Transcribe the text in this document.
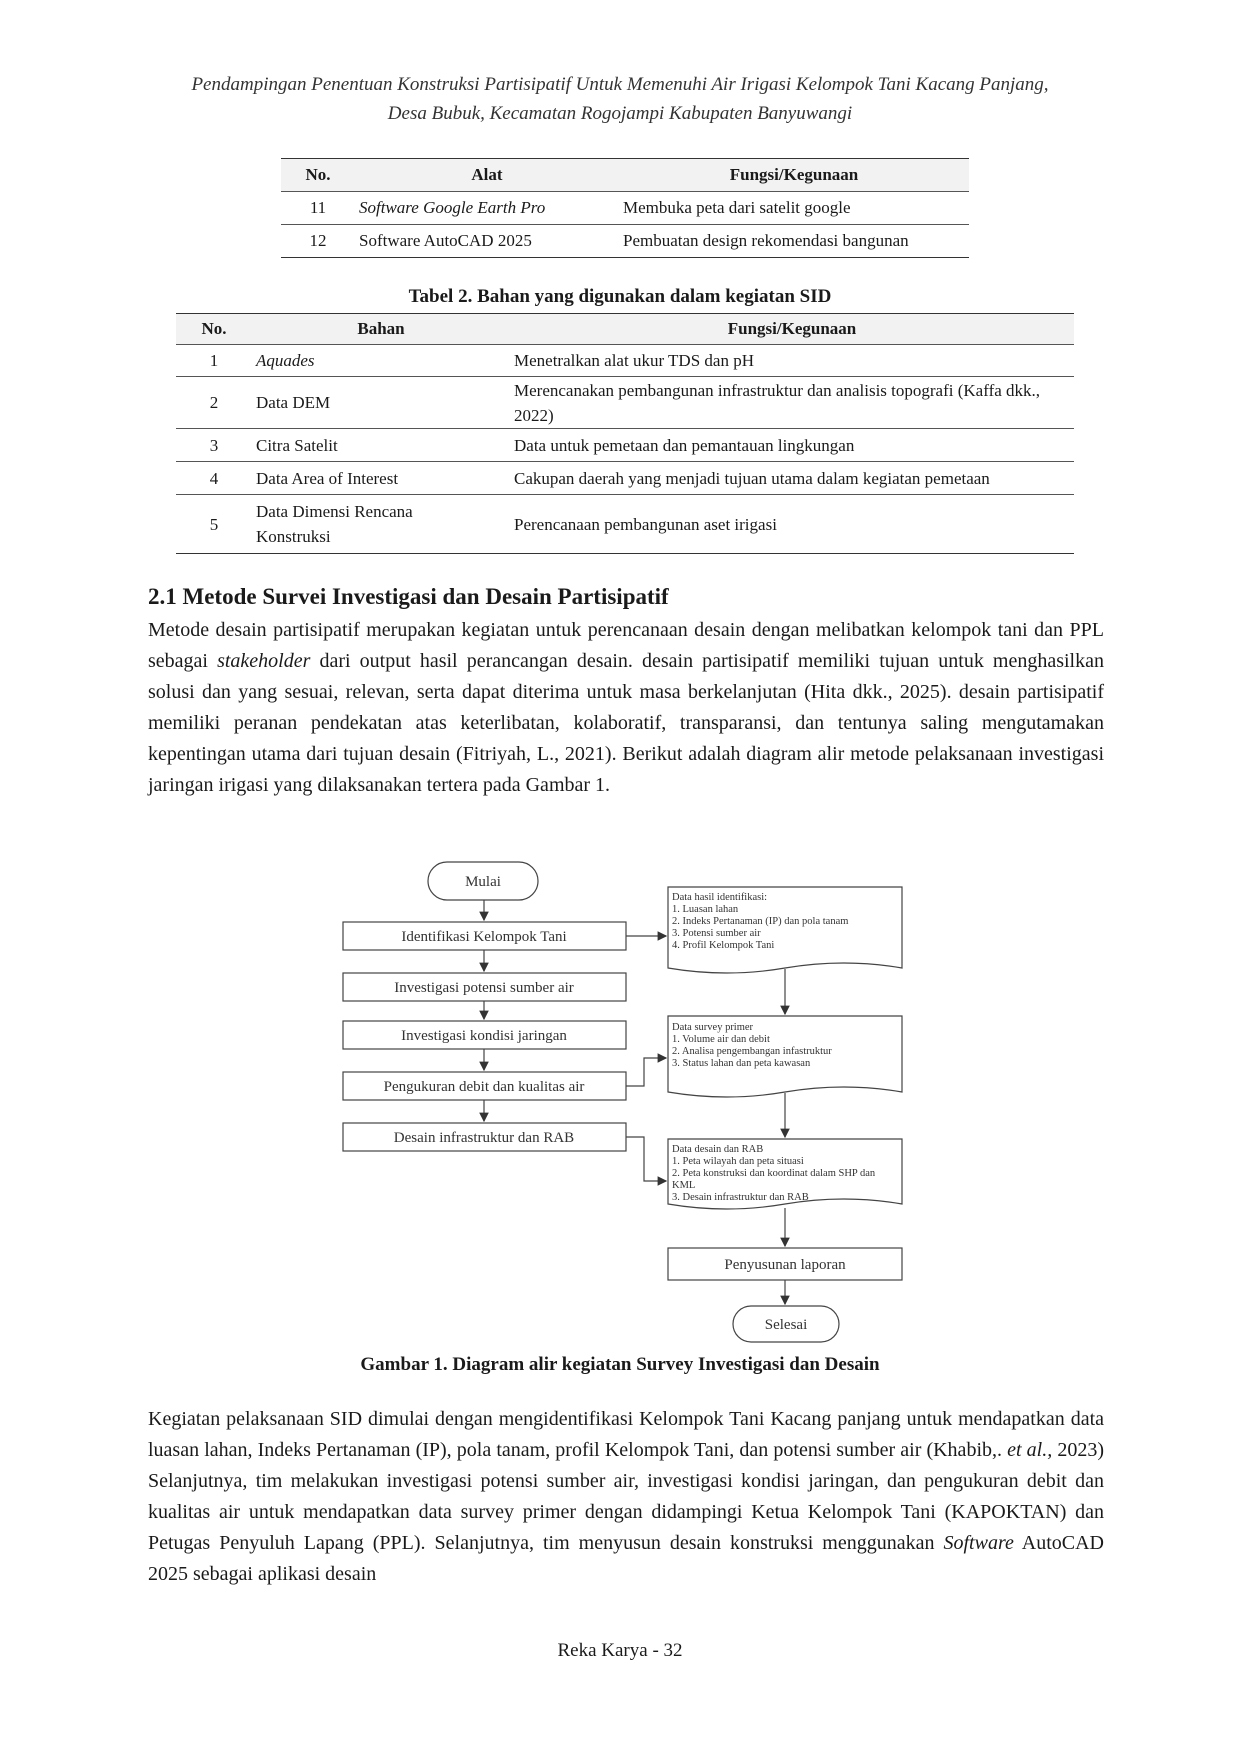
Pendampingan Penentuan Konstruksi Partisipatif Untuk Memenuhi Air Irigasi Kelompok Tani Kacang Panjang,
Desa Bubuk, Kecamatan Rogojampi Kabupaten Banyuwangi
No.	Alat	Fungsi/Kegunaan
11	Software Google Earth Pro	Membuka peta dari satelit google
12	Software AutoCAD 2025	Pembuatan design rekomendasi bangunan
Tabel 2. Bahan yang digunakan dalam kegiatan SID
No.	Bahan	Fungsi/Kegunaan
1	Aquades	Menetralkan alat ukur TDS dan pH
2	Data DEM	Merencanakan pembangunan infrastruktur dan analisis topografi (Kaffa dkk., 2022)
3	Citra Satelit	Data untuk pemetaan dan pemantauan lingkungan
4	Data Area of Interest	Cakupan daerah yang menjadi tujuan utama dalam kegiatan pemetaan
5	Data Dimensi Rencana Konstruksi	Perencanaan pembangunan aset irigasi
2.1 Metode Survei Investigasi dan Desain Partisipatif
Metode desain partisipatif merupakan kegiatan untuk perencanaan desain dengan melibatkan kelompok tani dan PPL sebagai stakeholder dari output hasil perancangan desain. desain partisipatif memiliki tujuan untuk menghasilkan solusi dan yang sesuai, relevan, serta dapat diterima untuk masa berkelanjutan (Hita dkk., 2025). desain partisipatif memiliki peranan pendekatan atas keterlibatan, kolaboratif, transparansi, dan tentunya saling mengutamakan kepentingan utama dari tujuan desain (Fitriyah, L., 2021). Berikut adalah diagram alir metode pelaksanaan investigasi jaringan irigasi yang dilaksanakan tertera pada Gambar 1.
Mulai
Identifikasi Kelompok Tani
Investigasi potensi sumber air
Investigasi kondisi jaringan
Pengukuran debit dan kualitas air
Desain infrastruktur dan RAB
Penyusunan laporan
Selesai
Data hasil identifikasi:
1. Luasan lahan
2. Indeks Pertanaman (IP) dan pola tanam
3. Potensi sumber air
4. Profil Kelompok Tani
Data survey primer
1. Volume air dan debit
2. Analisa pengembangan infastruktur
3. Status lahan dan peta kawasan
Data desain dan RAB
1. Peta wilayah dan peta situasi
2. Peta konstruksi dan koordinat dalam SHP dan
KML
3. Desain infrastruktur dan RAB
Gambar 1. Diagram alir kegiatan Survey Investigasi dan Desain
Kegiatan pelaksanaan SID dimulai dengan mengidentifikasi Kelompok Tani Kacang panjang untuk mendapatkan data luasan lahan, Indeks Pertanaman (IP), pola tanam, profil Kelompok Tani, dan potensi sumber air (Khabib,. et al., 2023) Selanjutnya, tim melakukan investigasi potensi sumber air, investigasi kondisi jaringan, dan pengukuran debit dan kualitas air untuk mendapatkan data survey primer dengan didampingi Ketua Kelompok Tani (KAPOKTAN) dan Petugas Penyuluh Lapang (PPL). Selanjutnya, tim menyusun desain konstruksi menggunakan Software AutoCAD 2025 sebagai aplikasi desain
Reka Karya - 32
